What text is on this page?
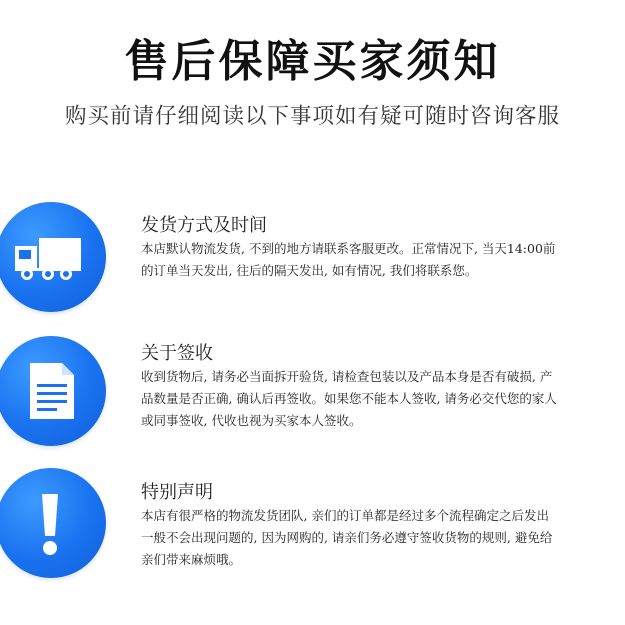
售后保障买家须知
购买前请仔细阅读以下事项如有疑可随时咨询客服
发货方式及时间
本店默认物流发货, 不到的地方请联系客服更改。正常情况下, 当天14:00前
的订单当天发出, 往后的隔天发出, 如有情况, 我们将联系您。
关于签收
收到货物后, 请务必当面拆开验货, 请检查包装以及产品本身是否有破损, 产
品数量是否正确, 确认后再签收。如果您不能本人签收, 请务必交代您的家人
或同事签收, 代收也视为买家本人签收。
特别声明
本店有很严格的物流发货团队, 亲们的订单都是经过多个流程确定之后发出
一般不会出现问题的, 因为网购的, 请亲们务必遵守签收货物的规则, 避免给
亲们带来麻烦哦。
